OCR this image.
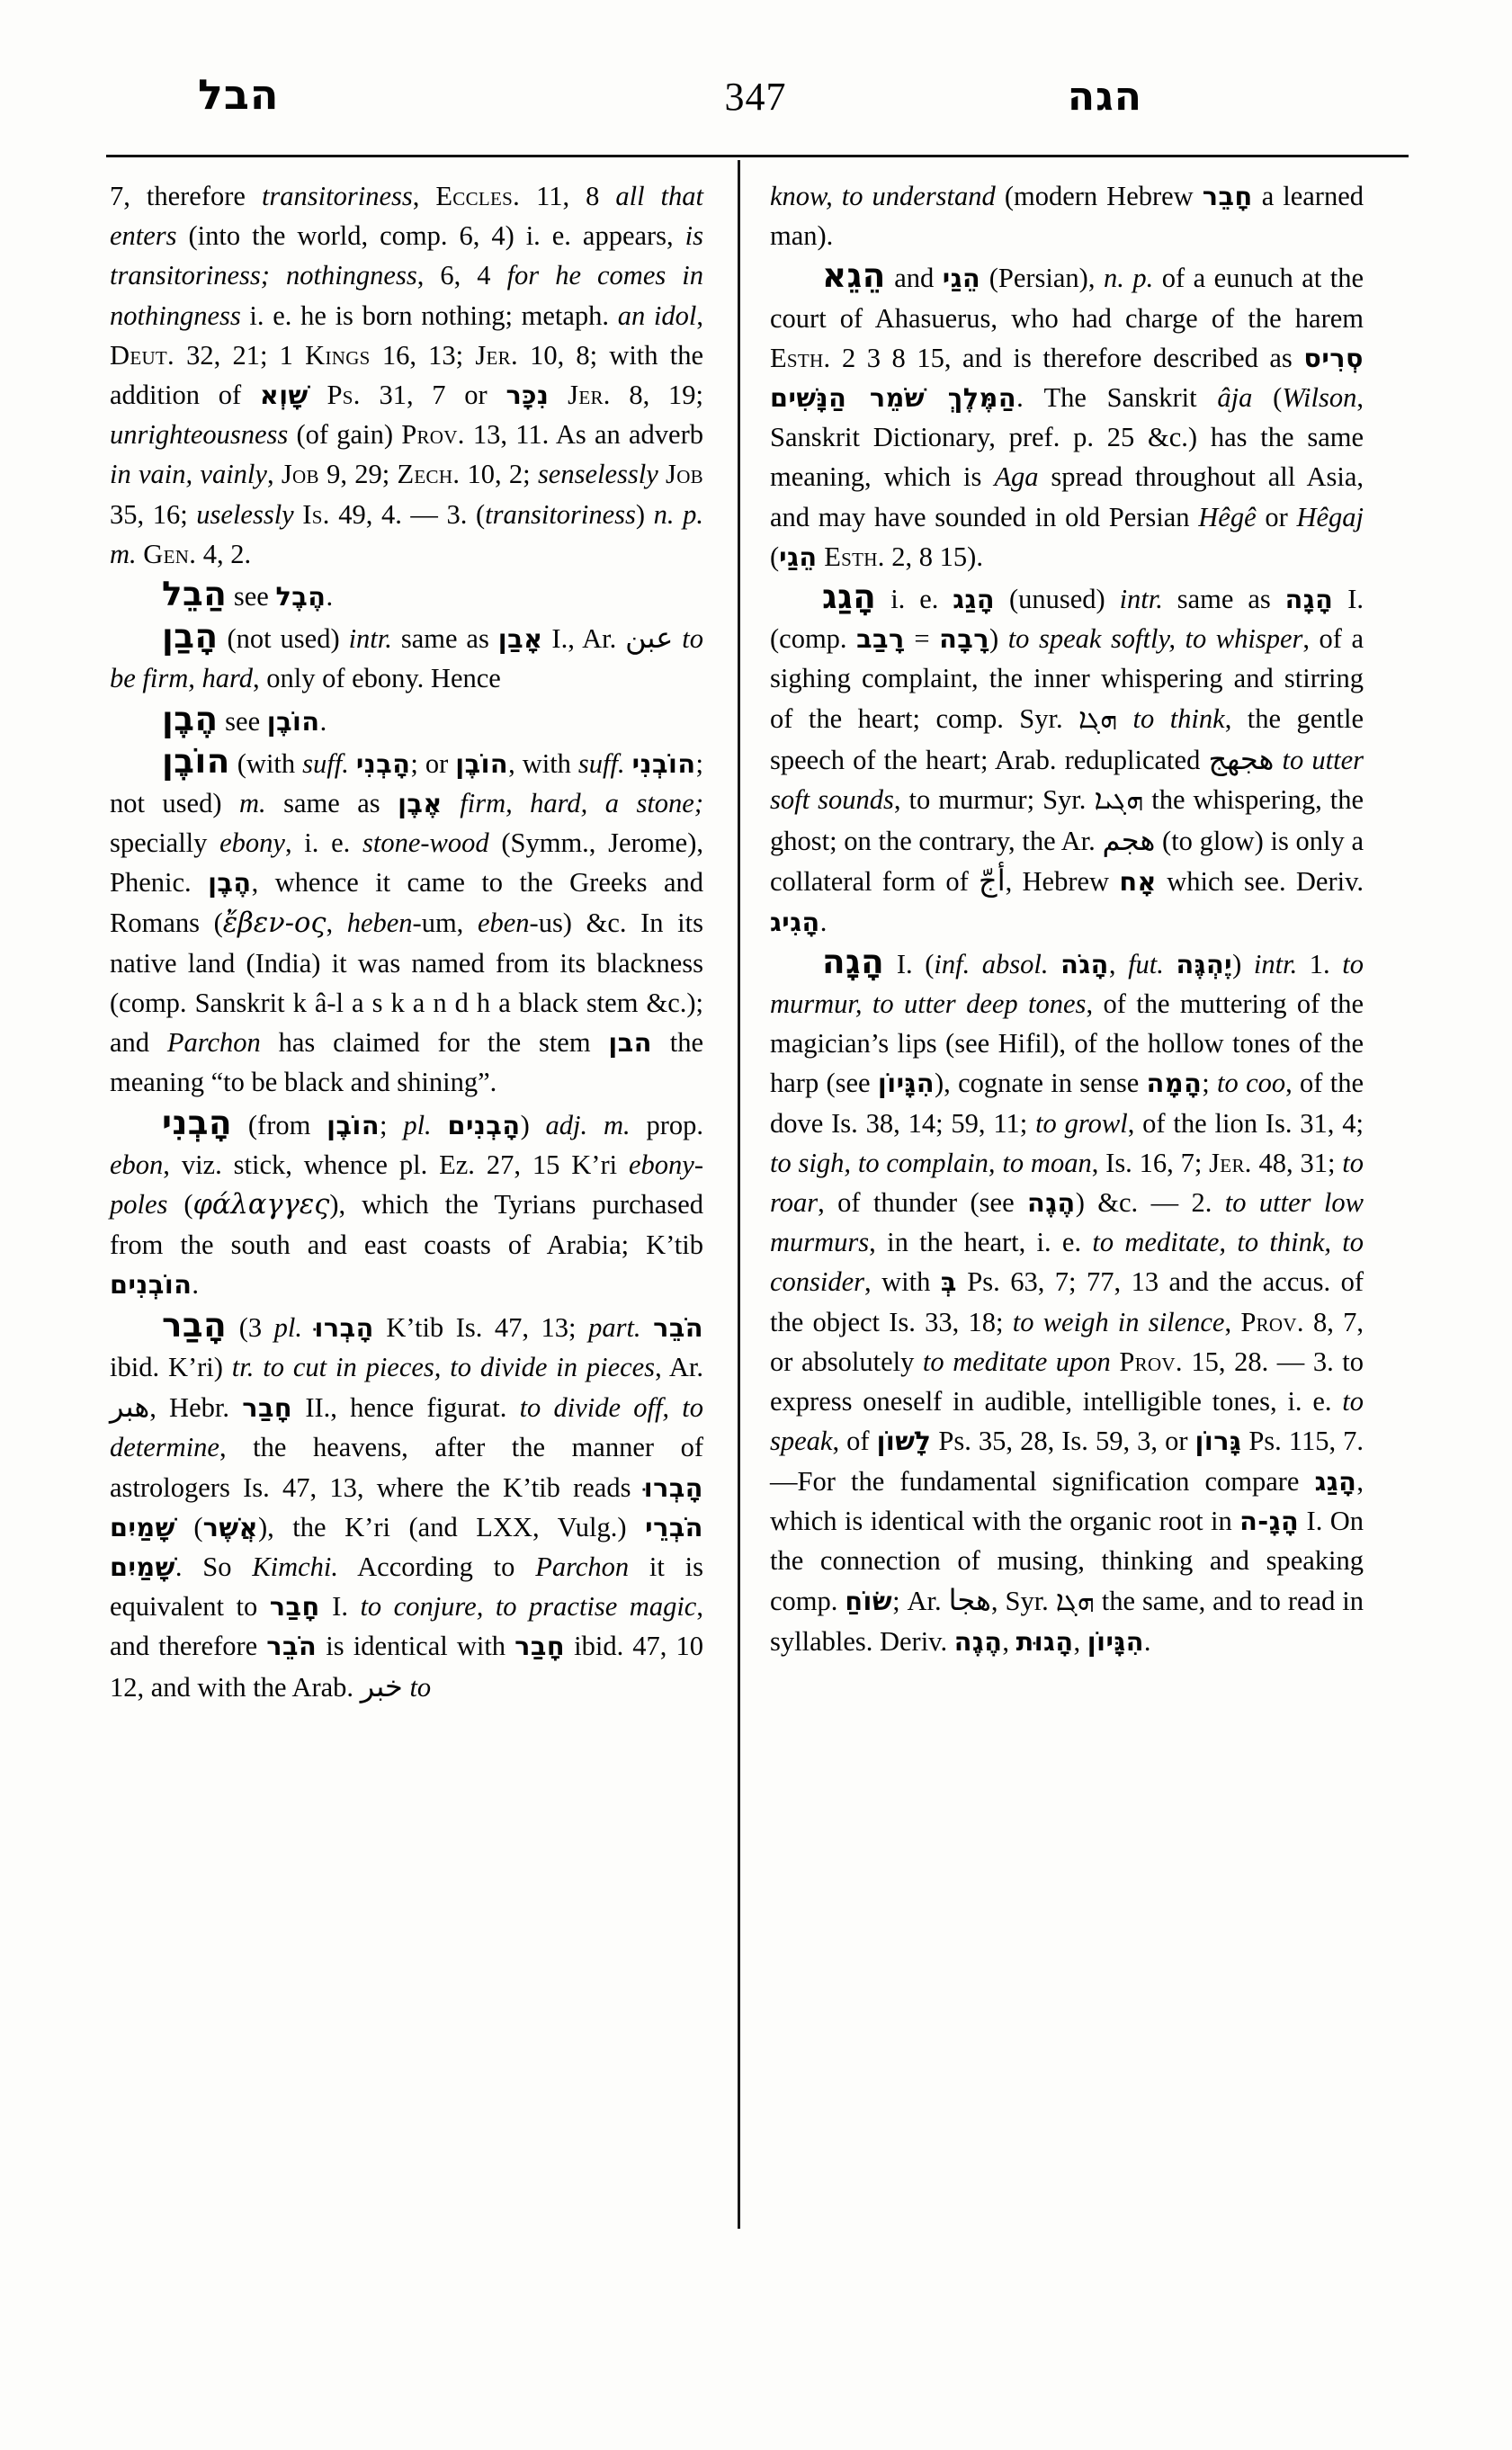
הבל	347	הגה

7, therefore transitoriness, Eccles. 11, 8 all that enters (into the world, comp. 6, 4) i. e. appears, is transitoriness; nothingness, 6, 4 for he comes in nothingness i. e. he is born nothing; metaph. an idol, Deut. 32, 21; 1 Kings 16, 13; Jer. 10, 8; with the addition of שָׁוְא Ps. 31, 7 or נִכָּר Jer. 8, 19; unrighteousness (of gain) Prov. 13, 11. As an adverb in vain, vainly, Job 9, 29; Zech. 10, 2; senselessly Job 35, 16; uselessly Is. 49, 4. — 3. (transitoriness) n. p. m. Gen. 4, 2.

הַבֵל see הֶבֶל.

הָבַן (not used) intr. same as אָבַן I., Ar. عبن to be firm, hard, only of ebony. Hence

הֶבֶן see הוֹבֶן.

הוֹבֶן (with suff. הָבְנִי; or הוֹבֶן, with suff. הוֹבְנִי; not used) m. same as אֶבֶן firm, hard, a stone; specially ebony, i. e. stone-wood (Symm., Jerome), Phenic. הֶבֶן, whence it came to the Greeks and Romans (ἔβεν-ος, heben-um, eben-us) &c. In its native land (India) it was named from its blackness (comp. Sanskrit k â-l a s k a n d h a black stem &c.); and Parchon has claimed for the stem הבן the meaning “to be black and shining”.

הָבְנִי (from הוֹבֶן; pl. הָבְנִים) adj. m. prop. ebon, viz. stick, whence pl. Ez. 27, 15 K’ri ebony-poles (φάλαγγες), which the Tyrians purchased from the south and east coasts of Arabia; K’tib הוֹבְנִים.

הָבַר (3 pl. הָבְרוּ K’tib Is. 47, 13; part. הֹבֵר ibid. K’ri) tr. to cut in pieces, to divide in pieces, Ar. هبر, Hebr. חָבַר II., hence figurat. to divide off, to determine, the heavens, after the manner of astrologers Is. 47, 13, where the K’tib reads הָבְרוּ שָׁמַיִם (אֲשֶׁר), the K’ri (and LXX, Vulg.) הֹבְרֵי שָׁמַיִם. So Kimchi. According to Parchon it is equivalent to חָבַר I. to conjure, to practise magic, and therefore הֹבֵר is identical with חָבַר ibid. 47, 10 12, and with the Arab. خبر to

know, to understand (modern Hebrew חָבֵר a learned man).

הֵגֵא and הֵגַי (Persian), n. p. of a eunuch at the court of Ahasuerus, who had charge of the harem Esth. 2 3 8 15, and is therefore described as סְרִיס הַמֶּלֶךְ שֹׁמֵר הַנָּשִׁים. The Sanskrit âja (Wilson, Sanskrit Dictionary, pref. p. 25 &c.) has the same meaning, which is Aga spread throughout all Asia, and may have sounded in old Persian Hêgê or Hêgaj (הֵגַי Esth. 2, 8 15).

הָגַג i. e. הָגַג (unused) intr. same as הָגָה I. (comp. רָבַב = רָבָה) to speak softly, to whisper, of a sighing complaint, the inner whispering and stirring of the heart; comp. Syr. ܗܓܐ to think, the gentle speech of the heart; Arab. reduplicated هجهج to utter soft sounds, to murmur; Syr. ܗܓܝܐ the whispering, the ghost; on the contrary, the Ar. هجم (to glow) is only a collateral form of أجّ, Hebrew אָח which see. Deriv. הָגִיג.

הָגָה I. (inf. absol. הָגֹה, fut. יֶהְגֶּה) intr. 1. to murmur, to utter deep tones, of the muttering of the magician’s lips (see Hifil), of the hollow tones of the harp (see הִגָּיוֹן), cognate in sense הָמָה; to coo, of the dove Is. 38, 14; 59, 11; to growl, of the lion Is. 31, 4; to sigh, to complain, to moan, Is. 16, 7; Jer. 48, 31; to roar, of thunder (see הֶגֶה) &c. — 2. to utter low murmurs, in the heart, i. e. to meditate, to think, to consider, with בְּ Ps. 63, 7; 77, 13 and the accus. of the object Is. 33, 18; to weigh in silence, Prov. 8, 7, or absolutely to meditate upon Prov. 15, 28. — 3. to express oneself in audible, intelligible tones, i. e. to speak, of לָשׁוֹן Ps. 35, 28, Is. 59, 3, or גָּרוֹן Ps. 115, 7.—For the fundamental signification compare הָגַג, which is identical with the organic root in הָגָ-ה I. On the connection of musing, thinking and speaking comp. שׂוֹחַ; Ar. هجا, Syr. ܗܓܐ the same, and to read in syllables. Deriv. הֶגֶה, הָגוּת, הִגָּיוֹן.
